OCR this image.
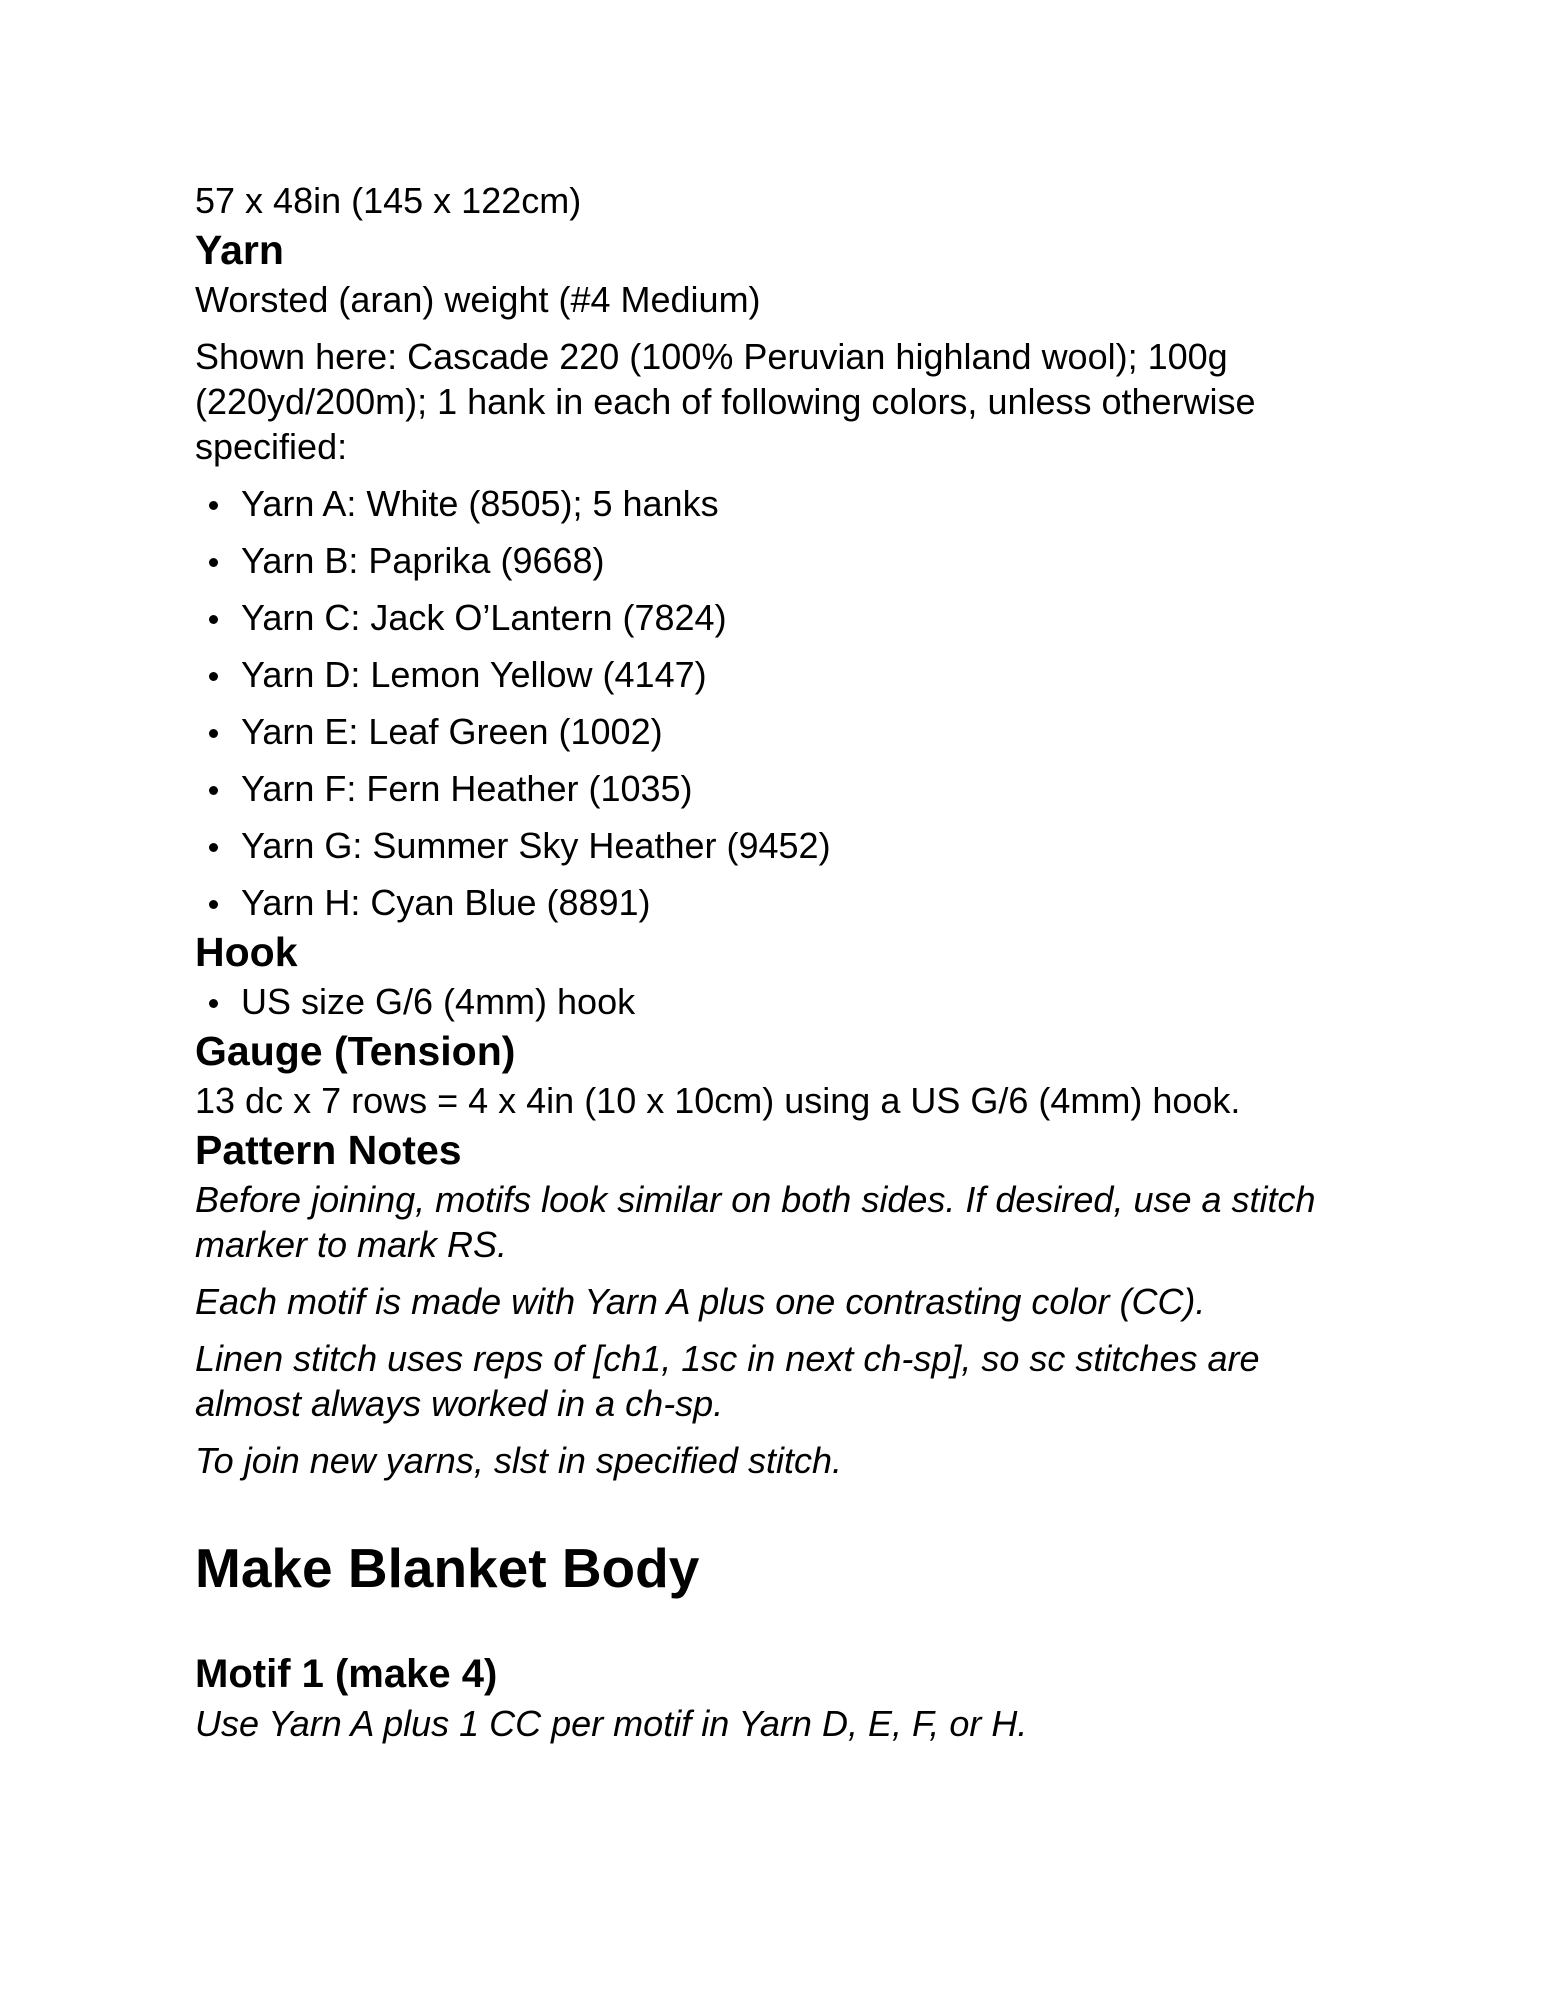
57 x 48in (145 x 122cm)

Yarn

Worsted (aran) weight (#4 Medium)

Shown here: Cascade 220 (100% Peruvian highland wool); 100g (220yd/200m); 1 hank in each of following colors, unless otherwise specified:

Yarn A: White (8505); 5 hanks
Yarn B: Paprika (9668)
Yarn C: Jack O’Lantern (7824)
Yarn D: Lemon Yellow (4147)
Yarn E: Leaf Green (1002)
Yarn F: Fern Heather (1035)
Yarn G: Summer Sky Heather (9452)
Yarn H: Cyan Blue (8891)
Hook
US size G/6 (4mm) hook
Gauge (Tension)

13 dc x 7 rows = 4 x 4in (10 x 10cm) using a US G/6 (4mm) hook.

Pattern Notes

Before joining, motifs look similar on both sides. If desired, use a stitch marker to mark RS.

Each motif is made with Yarn A plus one contrasting color (CC).

Linen stitch uses reps of [ch1, 1sc in next ch-sp], so sc stitches are almost always worked in a ch-sp.

To join new yarns, slst in specified stitch.

Make Blanket Body
Motif 1 (make 4)

Use Yarn A plus 1 CC per motif in Yarn D, E, F, or H.
